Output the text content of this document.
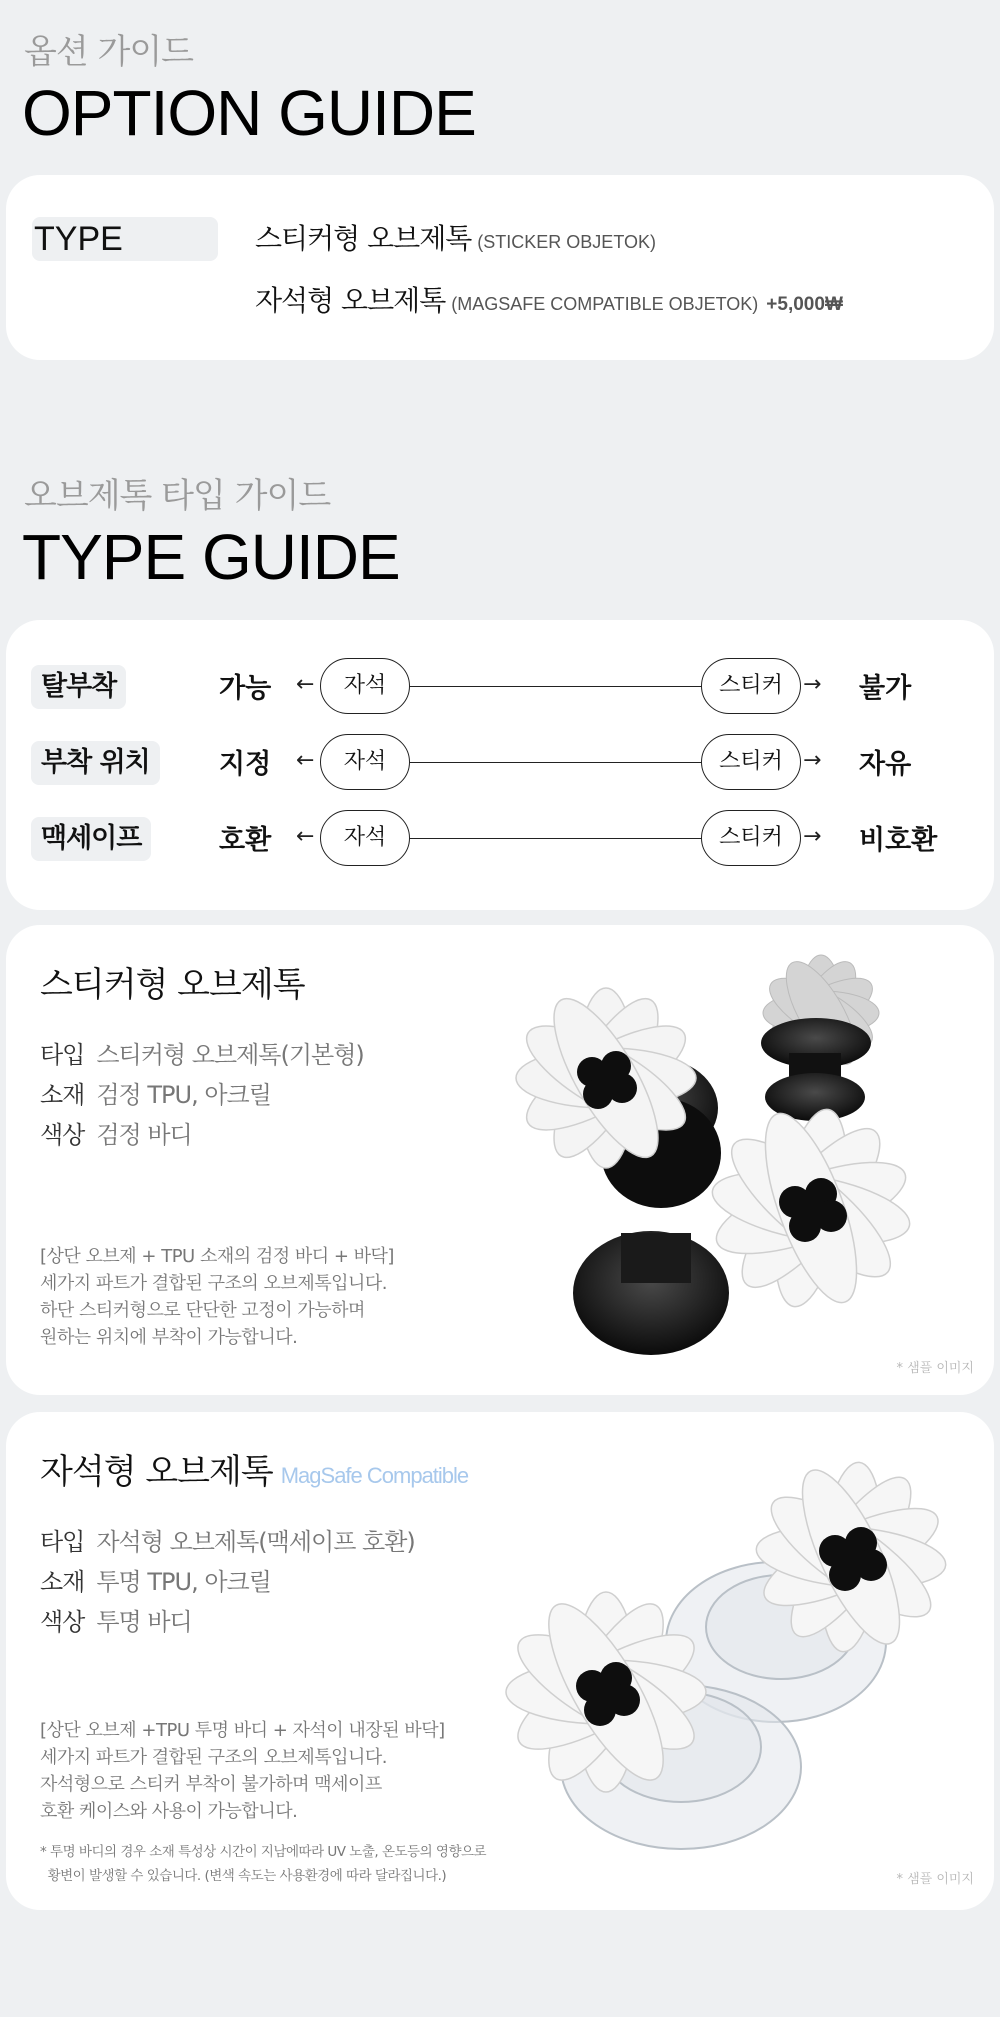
옵션 가이드
OPTION GUIDE
TYPE	스티커형 오브제톡 (STICKER OBJETOK)
자석형 오브제톡 (MAGSAFE COMPATIBLE OBJETOK) +5,000₩
오브제톡 타입 가이드
TYPE GUIDE
탈부착	가능 ←	자석	스티커 → 불가
부착 위치	지정 ←	자석	스티커 → 자유
맥세이프	호환 ←	자석	스티커 → 비호환
스티커형 오브제톡
타입 스티커형 오브제톡(기본형)
소재 검정 TPU, 아크릴
색상 검정 바디
[상단 오브제 + TPU 소재의 검정 바디 + 바닥]
세가지 파트가 결합된 구조의 오브제톡입니다.
하단 스티커형으로 단단한 고정이 가능하며
원하는 위치에 부착이 가능합니다.
* 샘플 이미지
자석형 오브제톡 MagSafe Compatible
타입 자석형 오브제톡(맥세이프 호환)
소재 투명 TPU, 아크릴
색상 투명 바디
[상단 오브제 +TPU 투명 바디 + 자석이 내장된 바닥]
세가지 파트가 결합된 구조의 오브제톡입니다.
자석형으로 스티커 부착이 불가하며 맥세이프
호환 케이스와 사용이 가능합니다.
* 투명 바디의 경우 소재 특성상 시간이 지남에따라 UV 노출, 온도등의 영향으로
황변이 발생할 수 있습니다. (변색 속도는 사용환경에 따라 달라집니다.)	* 샘플 이미지
